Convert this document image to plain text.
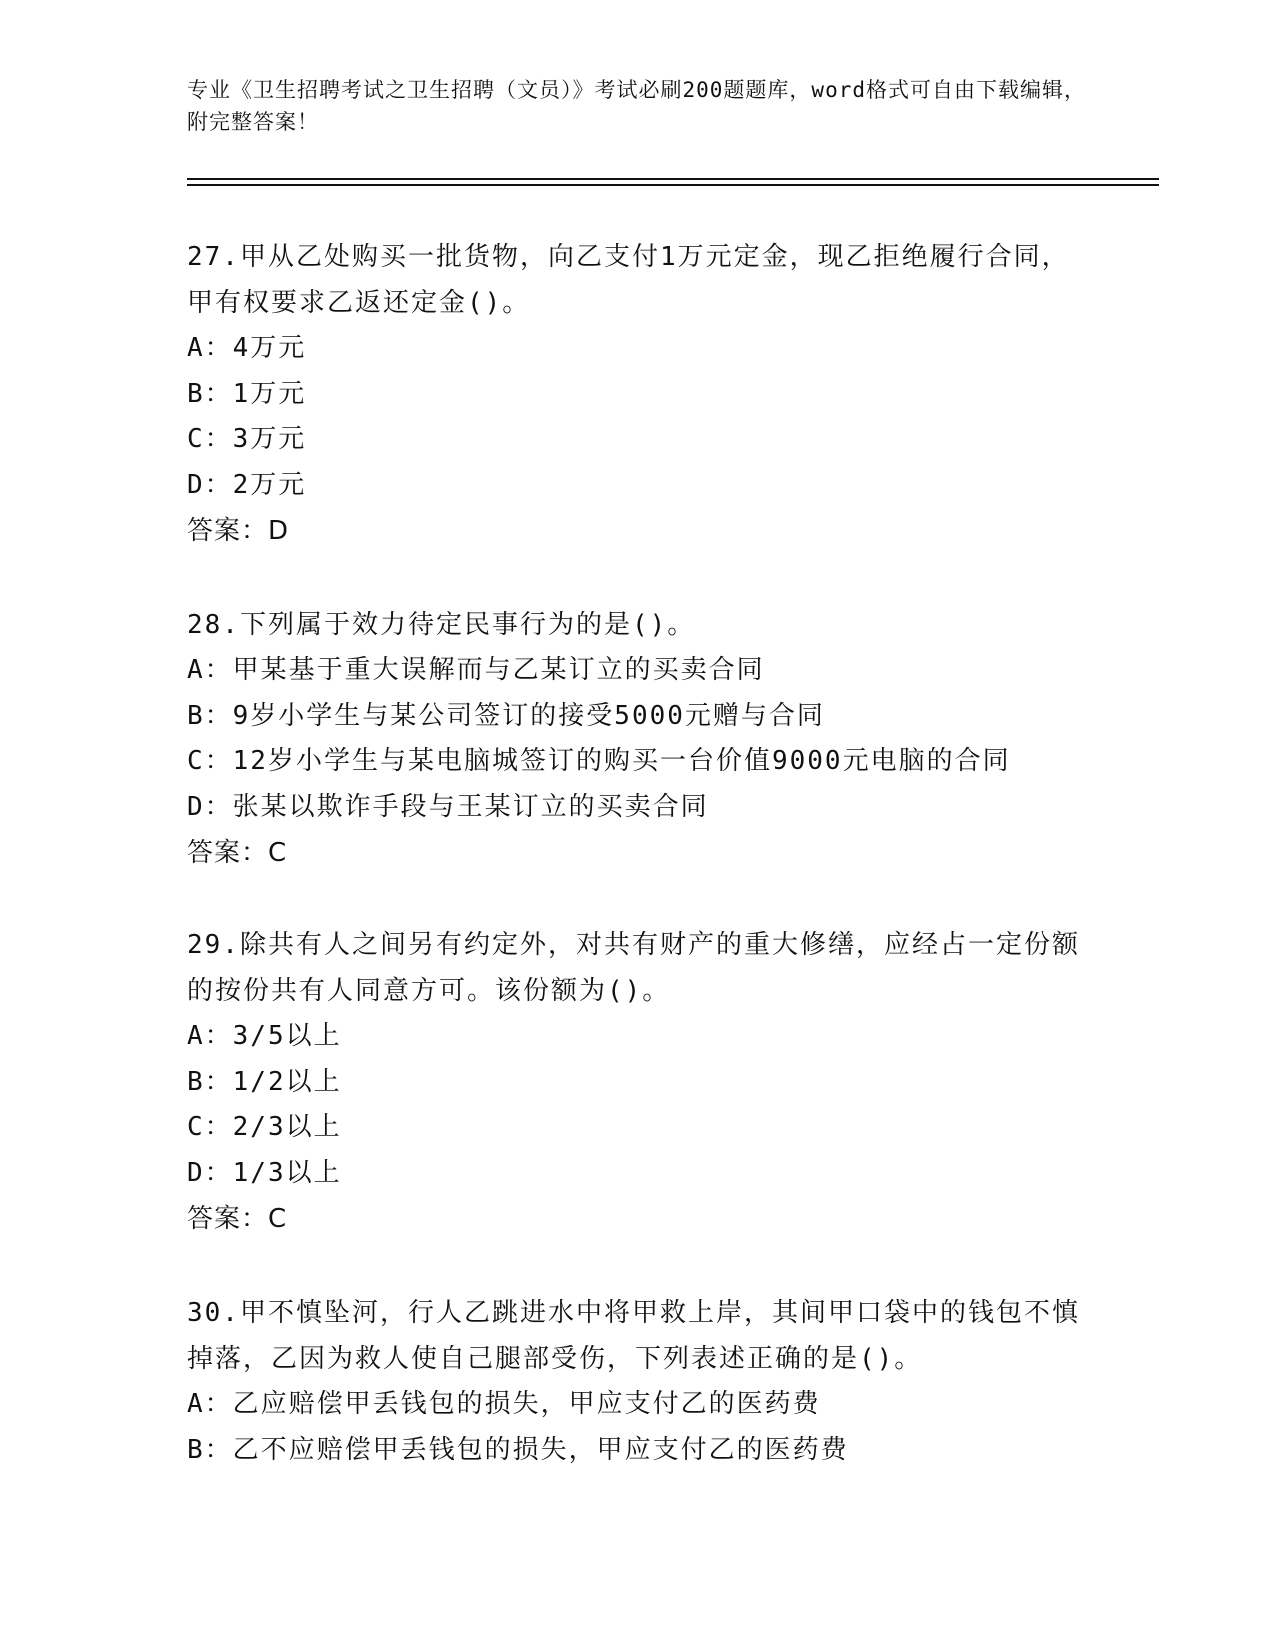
专业《卫生招聘考试之卫生招聘（文员）》考试必刷200题题库，word格式可自由下载编辑，附完整答案！

27.甲从乙处购买一批货物，向乙支付1万元定金，现乙拒绝履行合同，甲有权要求乙返还定金()。

A：4万元

B：1万元

C：3万元

D：2万元

答案：D

28.下列属于效力待定民事行为的是()。

A：甲某基于重大误解而与乙某订立的买卖合同

B：9岁小学生与某公司签订的接受5000元赠与合同

C：12岁小学生与某电脑城签订的购买一台价值9000元电脑的合同

D：张某以欺诈手段与王某订立的买卖合同

答案：C

29.除共有人之间另有约定外，对共有财产的重大修缮，应经占一定份额的按份共有人同意方可。该份额为()。

A：3/5以上

B：1/2以上

C：2/3以上

D：1/3以上

答案：C

30.甲不慎坠河，行人乙跳进水中将甲救上岸，其间甲口袋中的钱包不慎掉落，乙因为救人使自己腿部受伤，下列表述正确的是()。

A：乙应赔偿甲丢钱包的损失，甲应支付乙的医药费

B：乙不应赔偿甲丢钱包的损失，甲应支付乙的医药费
